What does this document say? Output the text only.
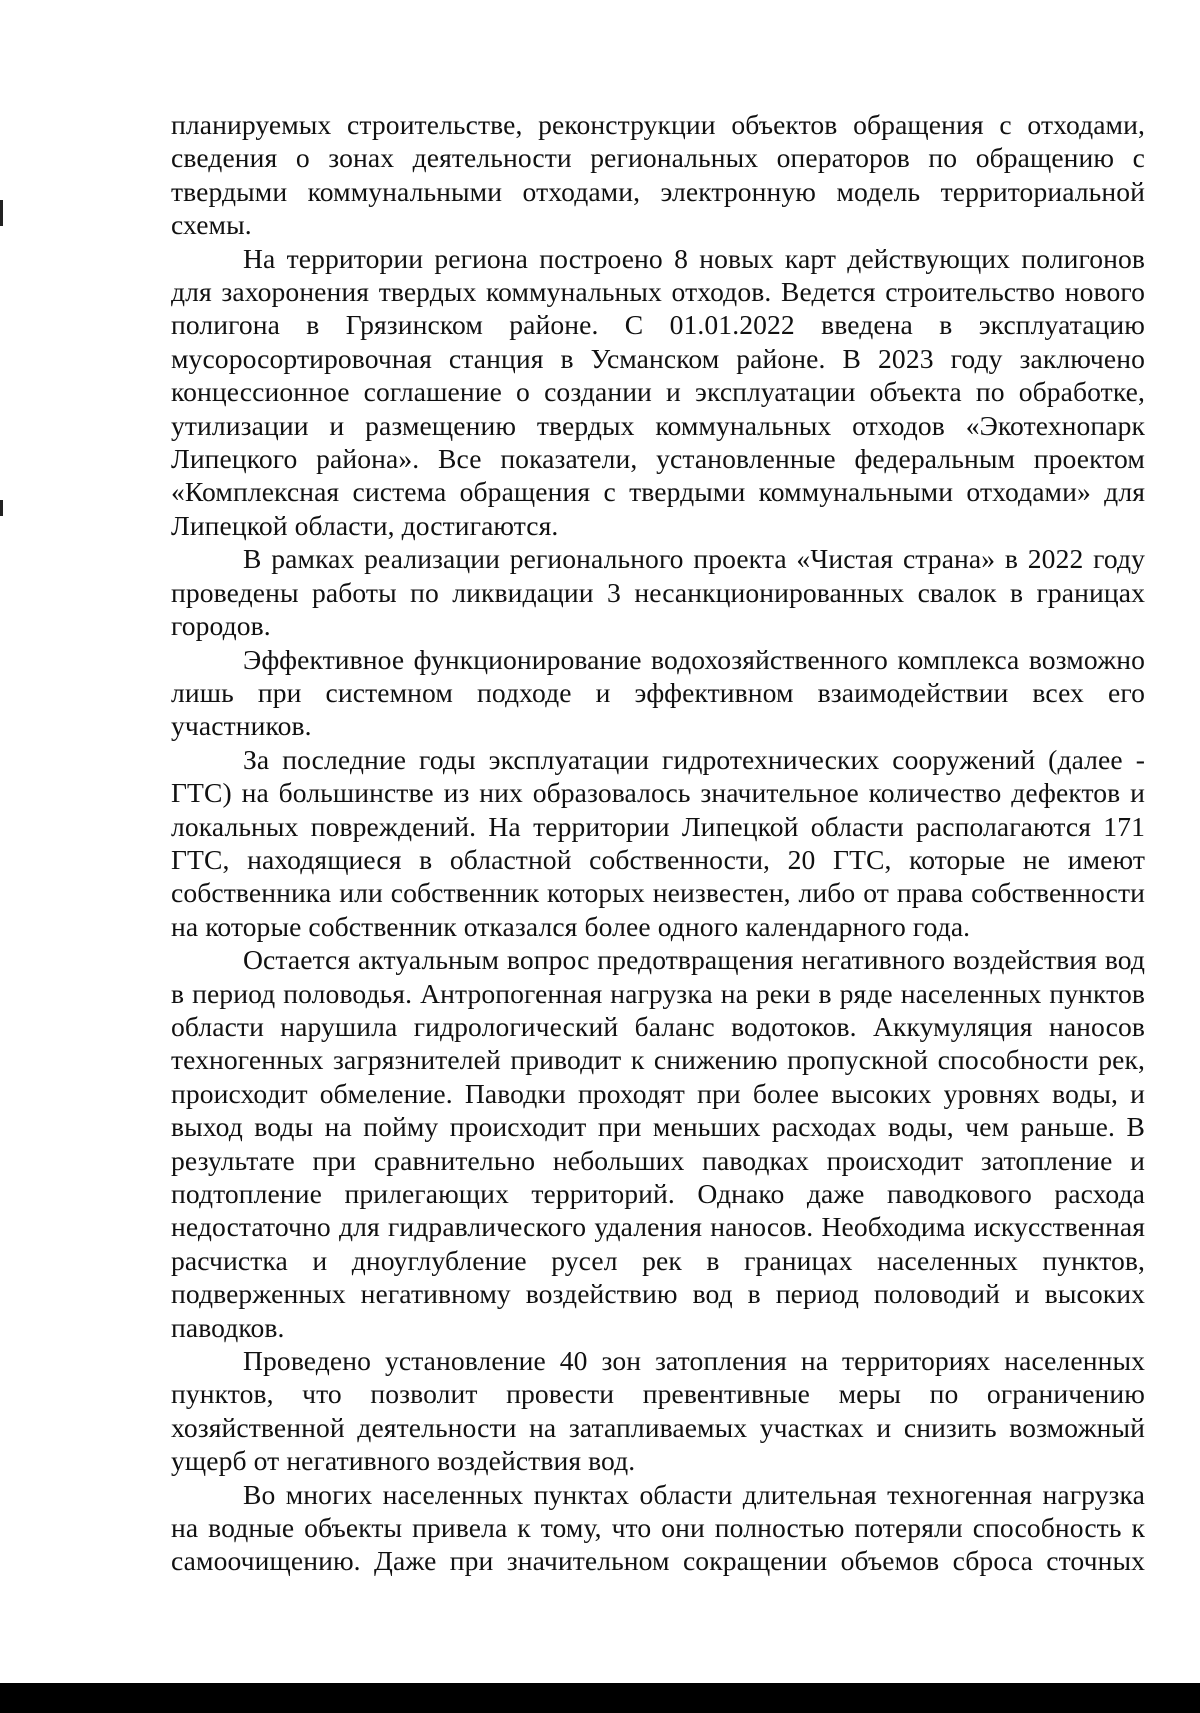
планируемых строительстве, реконструкции объектов обращения с отходами, сведения о зонах деятельности региональных операторов по обращению с твердыми коммунальными отходами, электронную модель территориальной схемы.

На территории региона построено 8 новых карт действующих полигонов для захоронения твердых коммунальных отходов. Ведется строительство нового полигона в Грязинском районе. С 01.01.2022 введена в эксплуатацию мусоросортировочная станция в Усманском районе. В 2023 году заключено концессионное соглашение о создании и эксплуатации объекта по обработке, утилизации и размещению твердых коммунальных отходов «Экотехнопарк Липецкого района». Все показатели, установленные федеральным проектом «Комплексная система обращения с твердыми коммунальными отходами» для Липецкой области, достигаются.

В рамках реализации регионального проекта «Чистая страна» в 2022 году проведены работы по ликвидации 3 несанкционированных свалок в границах городов.

Эффективное функционирование водохозяйственного комплекса возможно лишь при системном подходе и эффективном взаимодействии всех его участников.

За последние годы эксплуатации гидротехнических сооружений (далее - ГТС) на большинстве из них образовалось значительное количество дефектов и локальных повреждений. На территории Липецкой области располагаются 171 ГТС, находящиеся в областной собственности, 20 ГТС, которые не имеют собственника или собственник которых неизвестен, либо от права собственности на которые собственник отказался более одного календарного года.

Остается актуальным вопрос предотвращения негативного воздействия вод в период половодья. Антропогенная нагрузка на реки в ряде населенных пунктов области нарушила гидрологический баланс водотоков. Аккумуляция наносов техногенных загрязнителей приводит к снижению пропускной способности рек, происходит обмеление. Паводки проходят при более высоких уровнях воды, и выход воды на пойму происходит при меньших расходах воды, чем раньше. В результате при сравнительно небольших паводках происходит затопление и подтопление прилегающих территорий. Однако даже паводкового расхода недостаточно для гидравлического удаления наносов. Необходима искусственная расчистка и дноуглубление русел рек в границах населенных пунктов, подверженных негативному воздействию вод в период половодий и высоких паводков.

Проведено установление 40 зон затопления на территориях населенных пунктов, что позволит провести превентивные меры по ограничению хозяйственной деятельности на затапливаемых участках и снизить возможный ущерб от негативного воздействия вод.

Во многих населенных пунктах области длительная техногенная нагрузка на водные объекты привела к тому, что они полностью потеряли способность к самоочищению. Даже при значительном сокращении объемов сброса сточных
